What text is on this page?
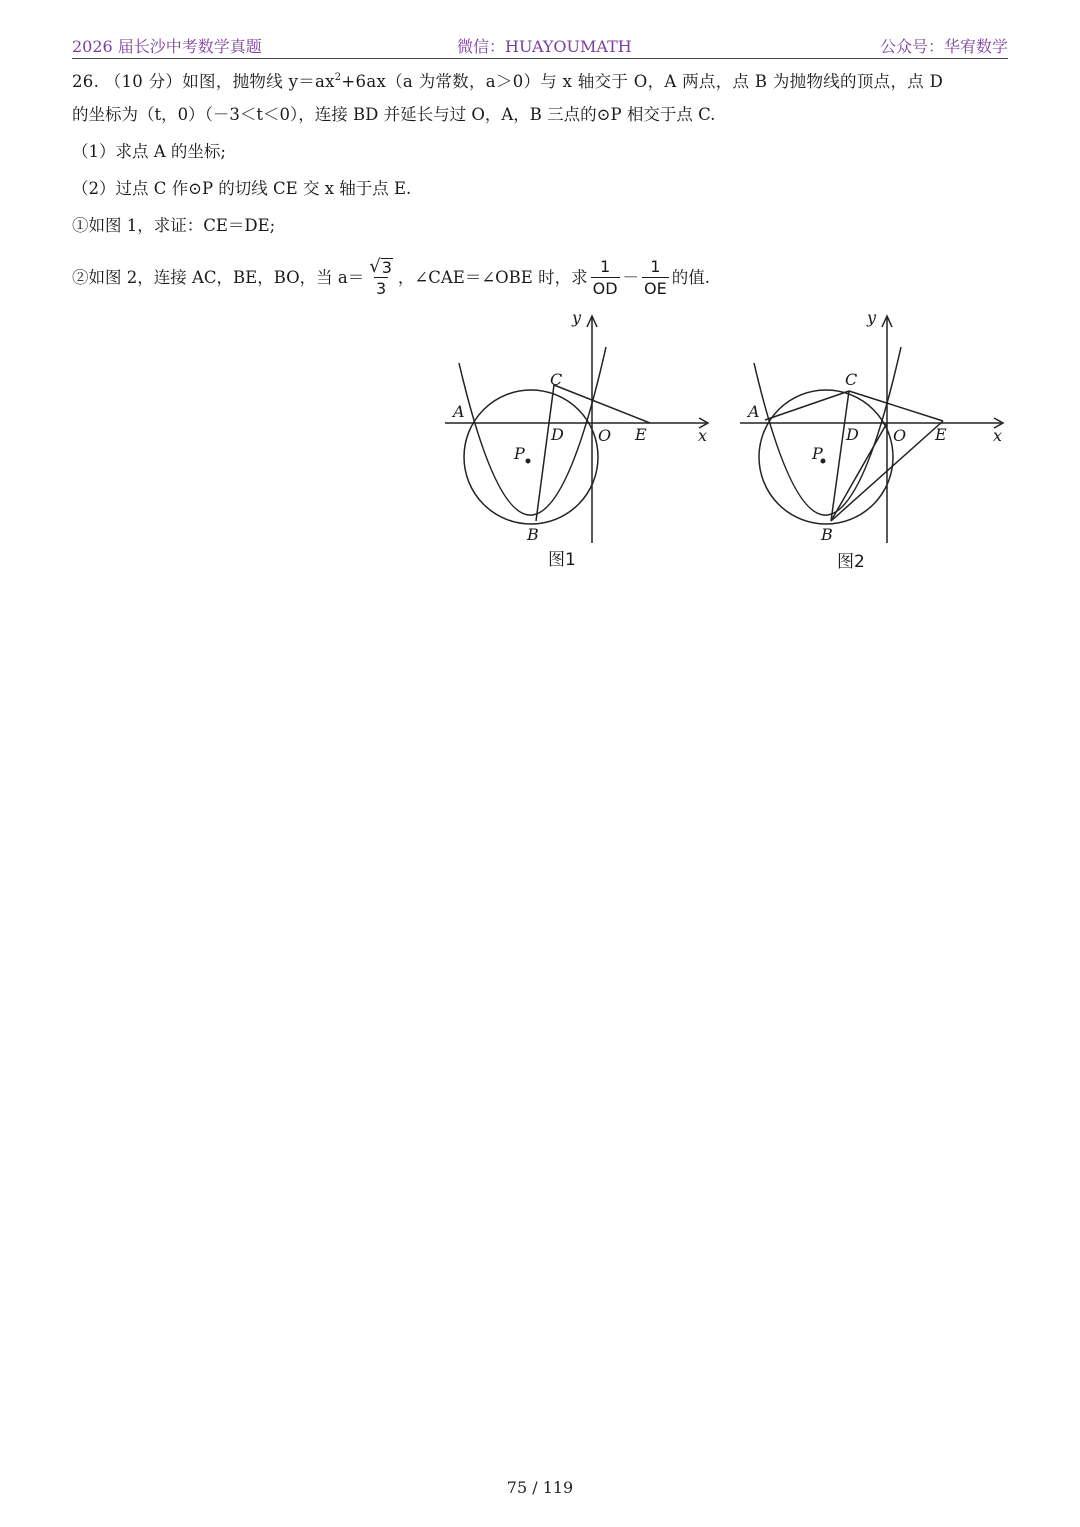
2026 届长沙中考数学真题	微信：HUAYOUMATH	公众号：华宥数学
26. （10 分）如图，抛物线 $y=ax^2+6ax(a$ 为常数，a＞0）与 x 轴交于 O，A 两点，点 B 为抛物线的顶点，点 D
的坐标为（t，0）（－3＜t＜0），连接 BD 并延长与过 O，A，B 三点的⊙P 相交于点 C.
（1）求点 A 的坐标;
（2）过点 C 作⊙P 的切线 CE 交 x 轴于点 E.
①如图 1，求证：CE＝DE;
②如图 2，连接 AC，BE，BO，当 $a= \frac{√ 3}{3}$ ，∠CAE＝∠OBE 时，求 $\frac{1}{OD} - \frac{1}{OE}$ 的值.
y
x
A
C
D O E
P
B
图1
y
x
A
C
D O E
P
B
图2
75 / 119
